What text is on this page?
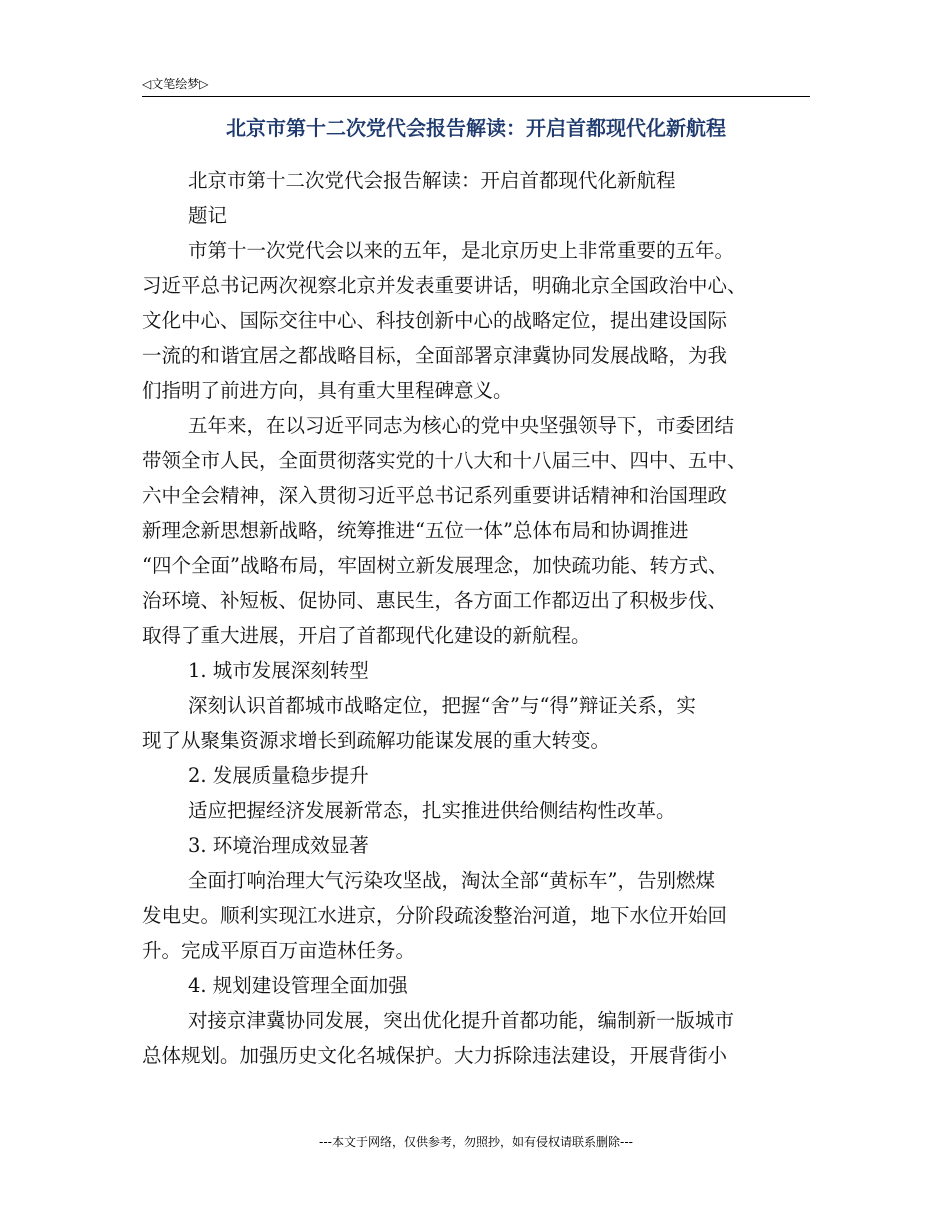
◁文笔绘梦▷
北京市第十二次党代会报告解读：开启首都现代化新航程
北京市第十二次党代会报告解读：开启首都现代化新航程
题记
市第十一次党代会以来的五年，是北京历史上非常重要的五年。
习近平总书记两次视察北京并发表重要讲话，明确北京全国政治中心、
文化中心、国际交往中心、科技创新中心的战略定位，提出建设国际
一流的和谐宜居之都战略目标，全面部署京津冀协同发展战略，为我
们指明了前进方向，具有重大里程碑意义。
五年来，在以习近平同志为核心的党中央坚强领导下，市委团结
带领全市人民，全面贯彻落实党的十八大和十八届三中、四中、五中、
六中全会精神，深入贯彻习近平总书记系列重要讲话精神和治国理政
新理念新思想新战略，统筹推进“五位一体”总体布局和协调推进
“四个全面”战略布局，牢固树立新发展理念，加快疏功能、转方式、
治环境、补短板、促协同、惠民生，各方面工作都迈出了积极步伐、
取得了重大进展，开启了首都现代化建设的新航程。
1. 城市发展深刻转型
深刻认识首都城市战略定位，把握“舍”与“得”辩证关系，实
现了从聚集资源求增长到疏解功能谋发展的重大转变。
2. 发展质量稳步提升
适应把握经济发展新常态，扎实推进供给侧结构性改革。
3. 环境治理成效显著
全面打响治理大气污染攻坚战，淘汰全部“黄标车”，告别燃煤
发电史。顺利实现江水进京，分阶段疏浚整治河道，地下水位开始回
升。完成平原百万亩造林任务。
4. 规划建设管理全面加强
对接京津冀协同发展，突出优化提升首都功能，编制新一版城市
总体规划。加强历史文化名城保护。大力拆除违法建设，开展背街小
---本文于网络，仅供参考，勿照抄，如有侵权请联系删除---
